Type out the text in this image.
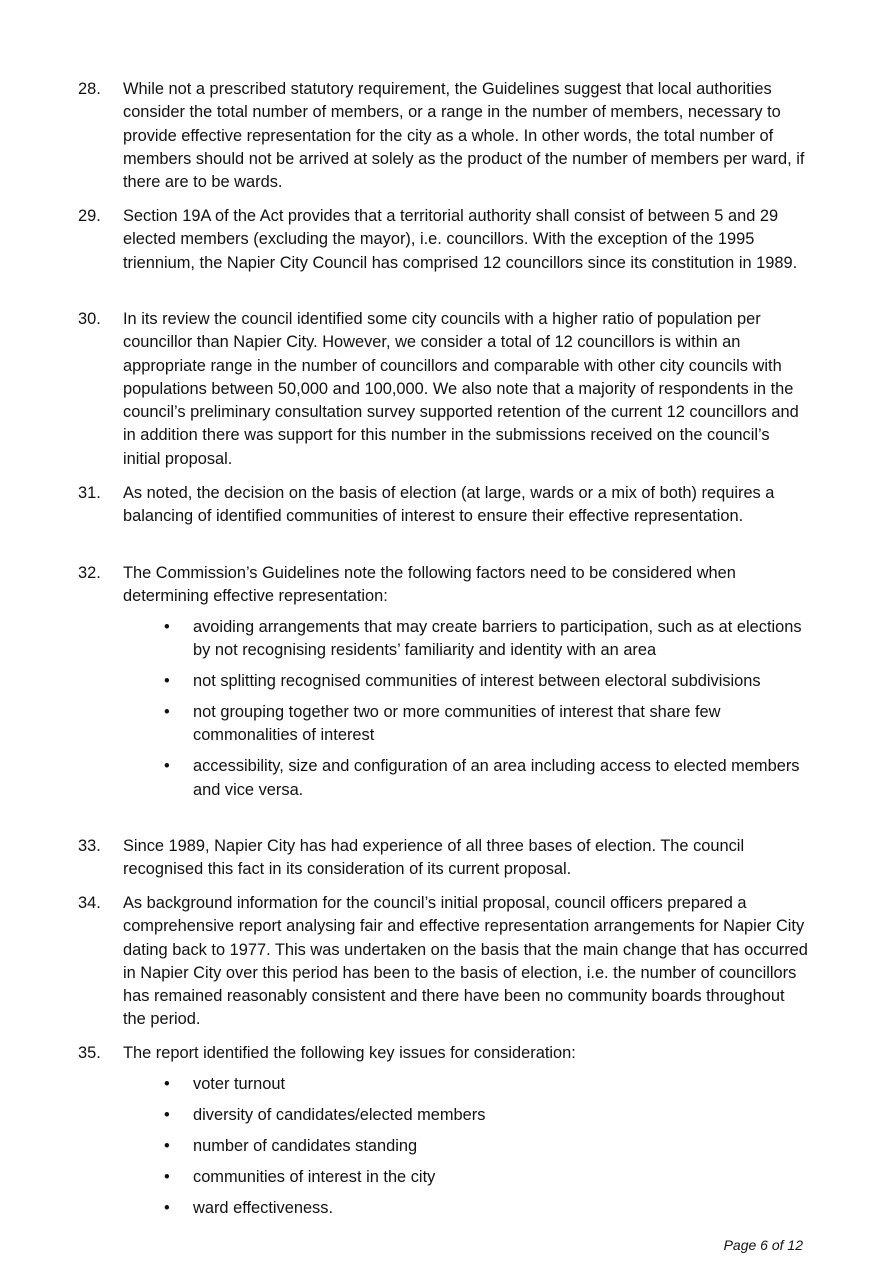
28.	While not a prescribed statutory requirement, the Guidelines suggest that local authorities consider the total number of members, or a range in the number of members, necessary to provide effective representation for the city as a whole. In other words, the total number of members should not be arrived at solely as the product of the number of members per ward, if there are to be wards.
29.	Section 19A of the Act provides that a territorial authority shall consist of between 5 and 29 elected members (excluding the mayor), i.e. councillors. With the exception of the 1995 triennium, the Napier City Council has comprised 12 councillors since its constitution in 1989.
30.	In its review the council identified some city councils with a higher ratio of population per councillor than Napier City. However, we consider a total of 12 councillors is within an appropriate range in the number of councillors and comparable with other city councils with populations between 50,000 and 100,000. We also note that a majority of respondents in the council’s preliminary consultation survey supported retention of the current 12 councillors and in addition there was support for this number in the submissions received on the council’s initial proposal.
31.	As noted, the decision on the basis of election (at large, wards or a mix of both) requires a balancing of identified communities of interest to ensure their effective representation.
32.	The Commission’s Guidelines note the following factors need to be considered when determining effective representation:
• avoiding arrangements that may create barriers to participation, such as at elections by not recognising residents’ familiarity and identity with an area
• not splitting recognised communities of interest between electoral subdivisions
• not grouping together two or more communities of interest that share few commonalities of interest
• accessibility, size and configuration of an area including access to elected members and vice versa.
33.	Since 1989, Napier City has had experience of all three bases of election. The council recognised this fact in its consideration of its current proposal.
34.	As background information for the council’s initial proposal, council officers prepared a comprehensive report analysing fair and effective representation arrangements for Napier City dating back to 1977. This was undertaken on the basis that the main change that has occurred in Napier City over this period has been to the basis of election, i.e. the number of councillors has remained reasonably consistent and there have been no community boards throughout the period.
35.	The report identified the following key issues for consideration:
• voter turnout
• diversity of candidates/elected members
• number of candidates standing
• communities of interest in the city
• ward effectiveness.
Page 6 of 12
